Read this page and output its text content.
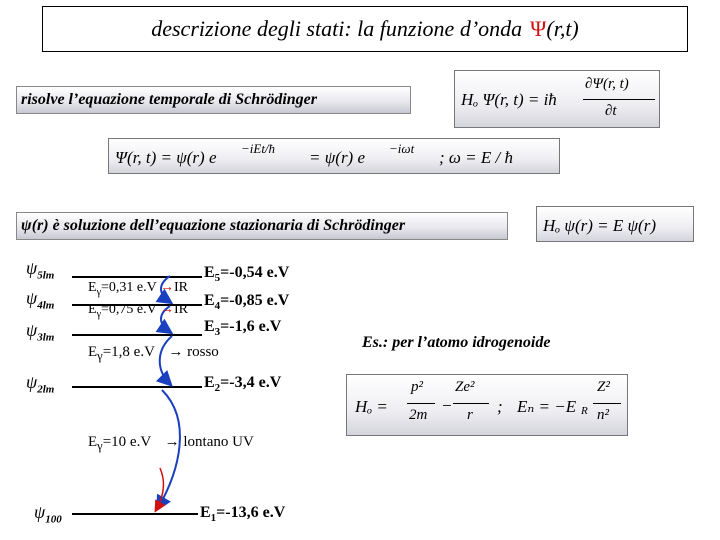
descrizione degli stati: la funzione d’onda Ψ (r,t)
risolve l’equazione temporale di Schrödinger	Hₒ Ψ(r, t) = iħ
∂Ψ(r, t)
∂t
Ψ(r, t) = ψ(r) e −iEt/ħ = ψ(r) e −iωt ; ω = E / ħ
ψ(r) è soluzione dell’equazione stazionaria di Schrödinger	Hₒ ψ(r) = E ψ(r)
$\psi_{5lm}$
$\psi_{4lm}$
$\psi_{3lm}$
$\psi_{2lm}$
$\psi_{100}$
$E_5=-0,54$ e.V
$E_4=-0,85$ e.V
$E_3=-1,6$ e.V
$E_2=-3,4$ e.V
$E_1=-13,6$ e.V
$E_\gamma=0,31$ e.V →IR
$E_\gamma=0,75$ e.V →IR
$E_\gamma=1,8$ e.V → rosso
$E_\gamma=10$ e.V → lontano UV
Es.: per l’atomo idrogenoide
Hₒ =
p²
2m −
Ze²
r ; Eₙ = −E R
Z²
n²
